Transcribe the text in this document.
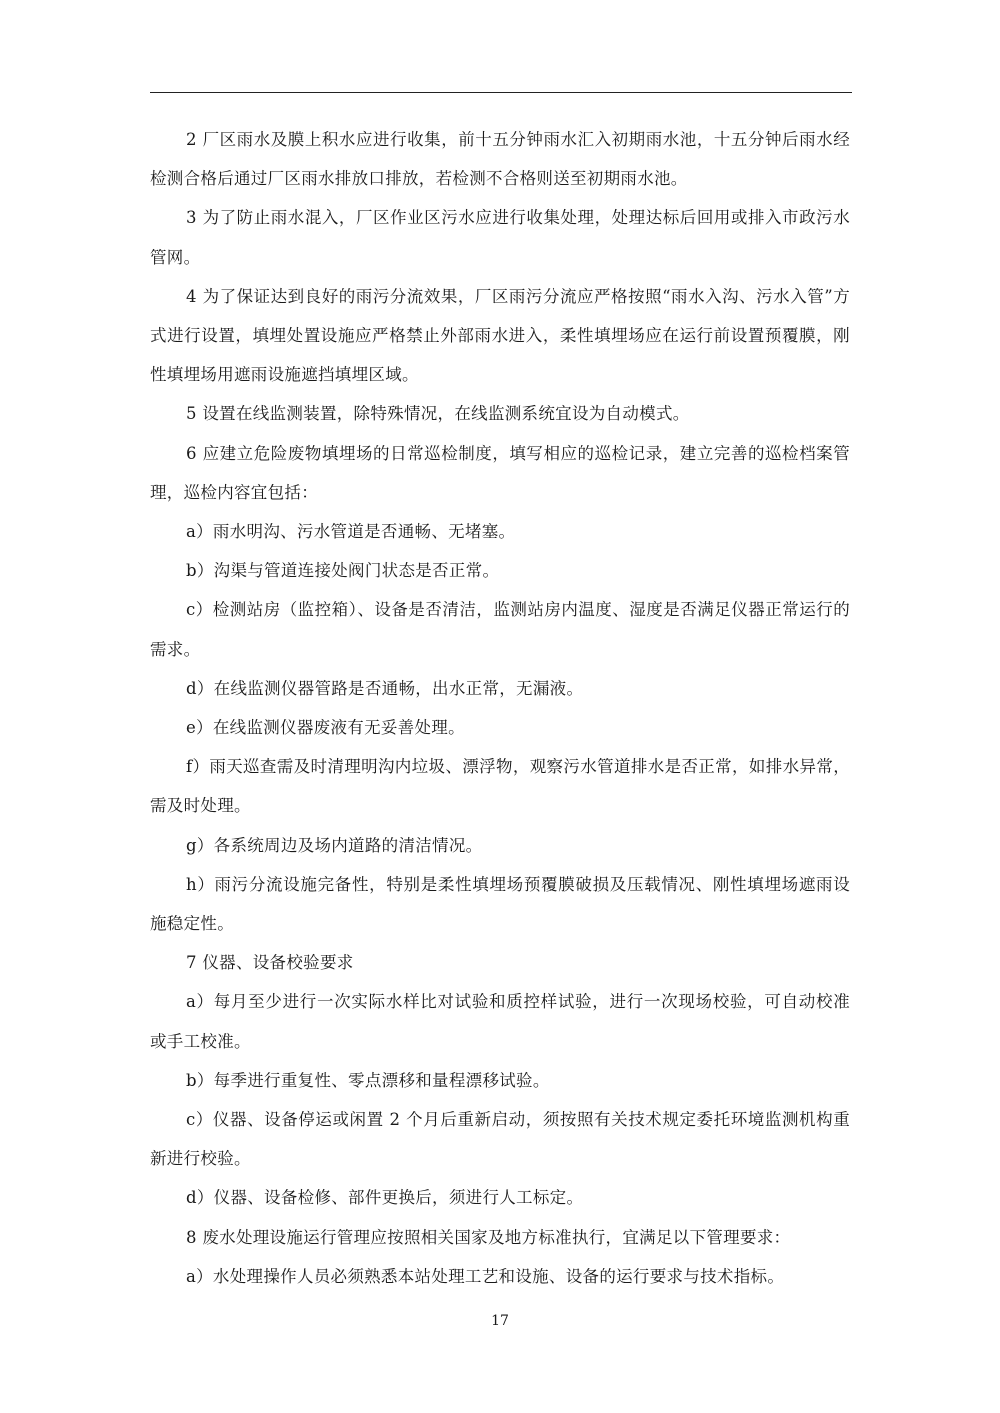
2 厂区雨水及膜上积水应进行收集，前十五分钟雨水汇入初期雨水池，十五分钟后雨水经检测合格后通过厂区雨水排放口排放，若检测不合格则送至初期雨水池。

3 为了防止雨水混入，厂区作业区污水应进行收集处理，处理达标后回用或排入市政污水管网。

4 为了保证达到良好的雨污分流效果，厂区雨污分流应严格按照“雨水入沟、污水入管”方式进行设置，填埋处置设施应严格禁止外部雨水进入，柔性填埋场应在运行前设置预覆膜，刚性填埋场用遮雨设施遮挡填埋区域。

5 设置在线监测装置，除特殊情况，在线监测系统宜设为自动模式。

6 应建立危险废物填埋场的日常巡检制度，填写相应的巡检记录，建立完善的巡检档案管理，巡检内容宜包括：

a）雨水明沟、污水管道是否通畅、无堵塞。

b）沟渠与管道连接处阀门状态是否正常。

c）检测站房（监控箱）、设备是否清洁，监测站房内温度、湿度是否满足仪器正常运行的需求。

d）在线监测仪器管路是否通畅，出水正常，无漏液。

e）在线监测仪器废液有无妥善处理。

f）雨天巡查需及时清理明沟内垃圾、漂浮物，观察污水管道排水是否正常，如排水异常，需及时处理。

g）各系统周边及场内道路的清洁情况。

h）雨污分流设施完备性，特别是柔性填埋场预覆膜破损及压载情况、刚性填埋场遮雨设施稳定性。

7 仪器、设备校验要求

a）每月至少进行一次实际水样比对试验和质控样试验，进行一次现场校验，可自动校准或手工校准。

b）每季进行重复性、零点漂移和量程漂移试验。

c）仪器、设备停运或闲置 2 个月后重新启动，须按照有关技术规定委托环境监测机构重新进行校验。

d）仪器、设备检修、部件更换后，须进行人工标定。

8 废水处理设施运行管理应按照相关国家及地方标准执行，宜满足以下管理要求：

a）水处理操作人员必须熟悉本站处理工艺和设施、设备的运行要求与技术指标。

17
